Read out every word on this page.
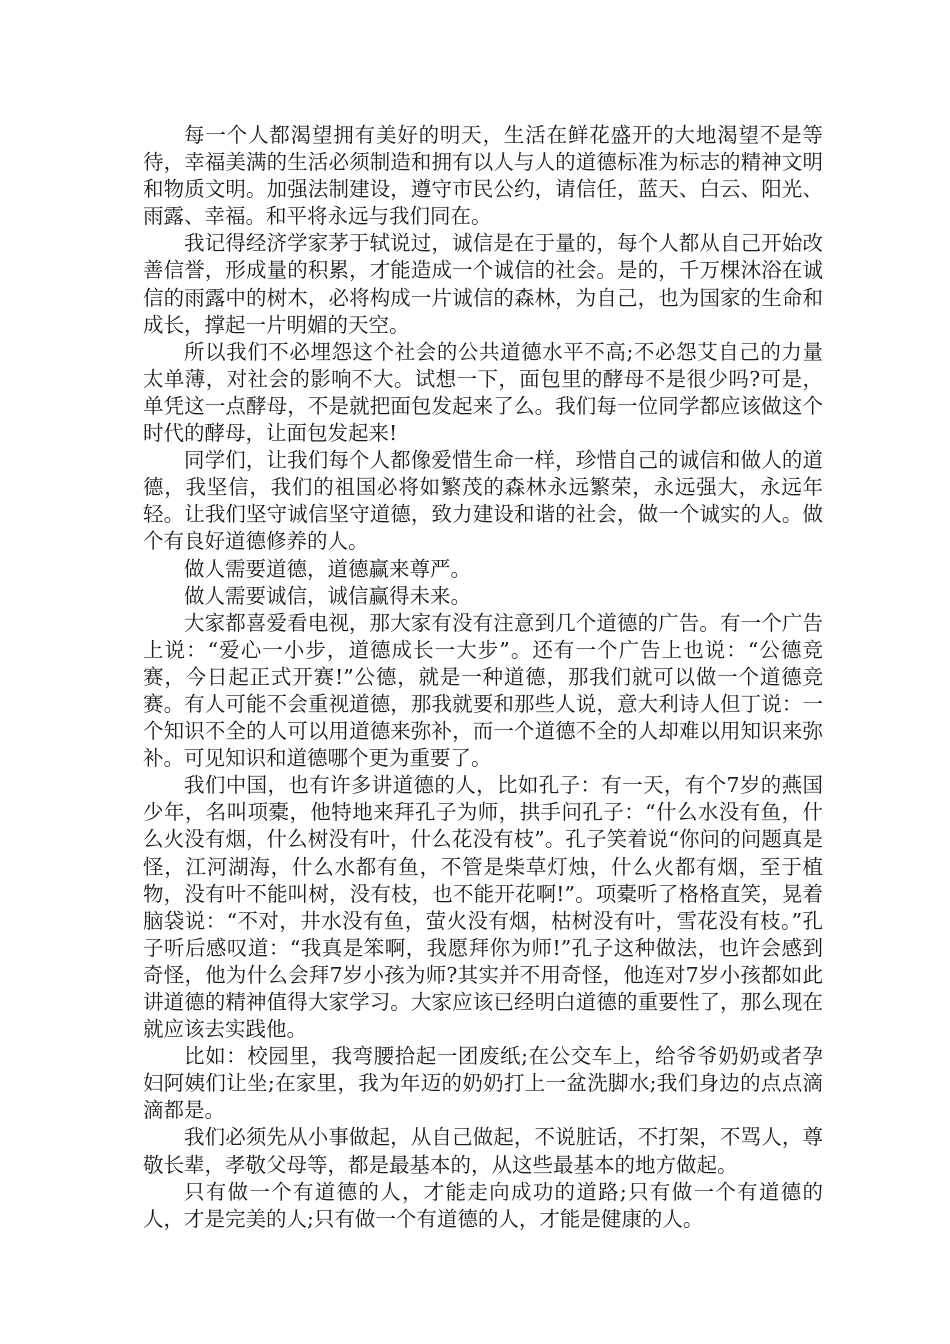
每一个人都渴望拥有美好的明天，生活在鲜花盛开的大地渴望不是等待，幸福美满的生活必须制造和拥有以人与人的道德标准为标志的精神文明和物质文明。加强法制建设，遵守市民公约，请信任，蓝天、白云、阳光、雨露、幸福。和平将永远与我们同在。

我记得经济学家茅于轼说过，诚信是在于量的，每个人都从自己开始改善信誉，形成量的积累，才能造成一个诚信的社会。是的，千万棵沐浴在诚信的雨露中的树木，必将构成一片诚信的森林，为自己，也为国家的生命和成长，撑起一片明媚的天空。

所以我们不必埋怨这个社会的公共道德水平不高;不必怨艾自己的力量太单薄，对社会的影响不大。试想一下，面包里的酵母不是很少吗?可是，单凭这一点酵母，不是就把面包发起来了么。我们每一位同学都应该做这个时代的酵母，让面包发起来!

同学们，让我们每个人都像爱惜生命一样，珍惜自己的诚信和做人的道德，我坚信，我们的祖国必将如繁茂的森林永远繁荣，永远强大，永远年轻。让我们坚守诚信坚守道德，致力建设和谐的社会，做一个诚实的人。做个有良好道德修养的人。

做人需要道德，道德赢来尊严。

做人需要诚信，诚信赢得未来。

大家都喜爱看电视，那大家有没有注意到几个道德的广告。有一个广告上说：“爱心一小步，道德成长一大步”。还有一个广告上也说：“公德竞赛，今日起正式开赛!”公德，就是一种道德，那我们就可以做一个道德竞赛。有人可能不会重视道德，那我就要和那些人说，意大利诗人但丁说：一个知识不全的人可以用道德来弥补，而一个道德不全的人却难以用知识来弥补。可见知识和道德哪个更为重要了。

我们中国，也有许多讲道德的人，比如孔子：有一天，有个7岁的燕国少年，名叫项橐，他特地来拜孔子为师，拱手问孔子：“什么水没有鱼，什么火没有烟，什么树没有叶，什么花没有枝”。孔子笑着说“你问的问题真是怪，江河湖海，什么水都有鱼，不管是柴草灯烛，什么火都有烟，至于植物，没有叶不能叫树，没有枝，也不能开花啊!”。项橐听了格格直笑，晃着脑袋说：“不对，井水没有鱼，萤火没有烟，枯树没有叶，雪花没有枝。”孔子听后感叹道：“我真是笨啊，我愿拜你为师!”孔子这种做法，也许会感到奇怪，他为什么会拜7岁小孩为师?其实并不用奇怪，他连对7岁小孩都如此讲道德的精神值得大家学习。大家应该已经明白道德的重要性了，那么现在就应该去实践他。

比如：校园里，我弯腰拾起一团废纸;在公交车上，给爷爷奶奶或者孕妇阿姨们让坐;在家里，我为年迈的奶奶打上一盆洗脚水;我们身边的点点滴滴都是。

我们必须先从小事做起，从自己做起，不说脏话，不打架，不骂人，尊敬长辈，孝敬父母等，都是最基本的，从这些最基本的地方做起。

只有做一个有道德的人，才能走向成功的道路;只有做一个有道德的人，才是完美的人;只有做一个有道德的人，才能是健康的人。
